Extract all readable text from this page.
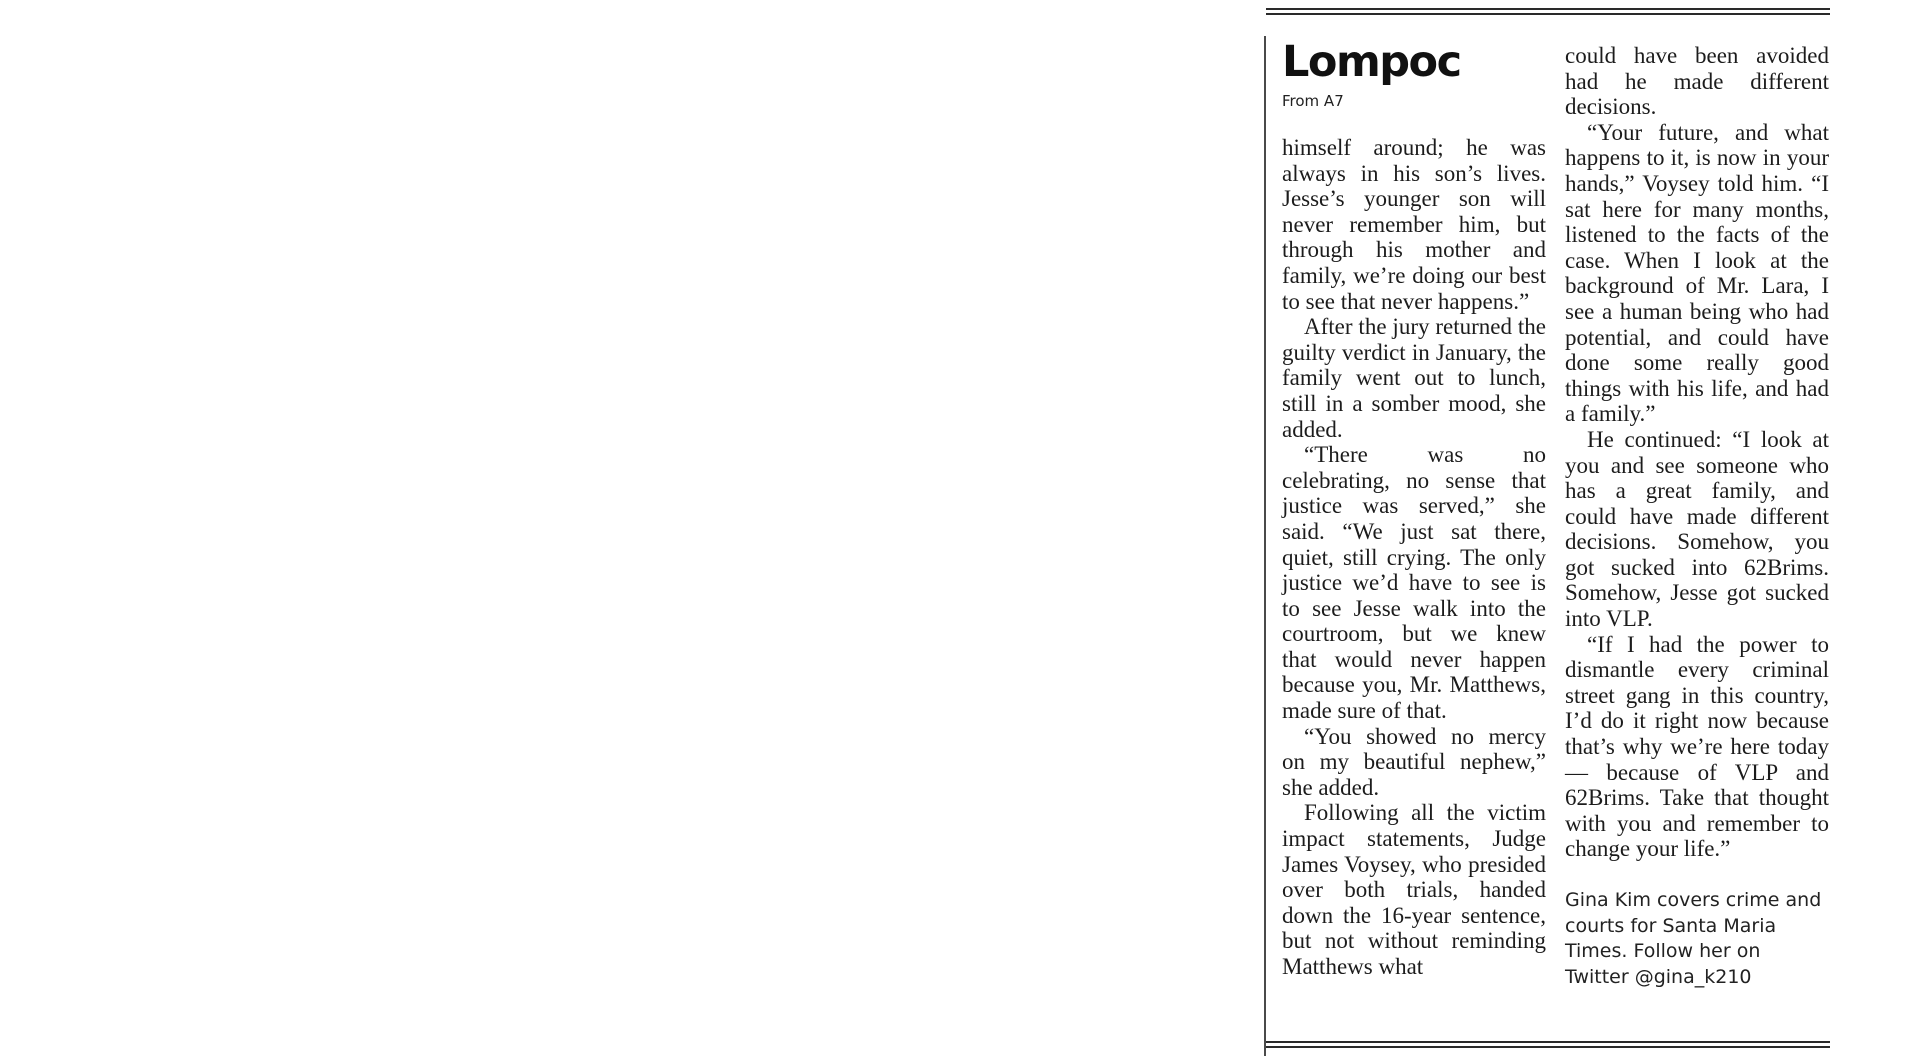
Lompoc
From A7

himself around; he was always in his son’s lives. Jesse’s younger son will never remember him, but through his mother and family, we’re doing our best to see that never happens.”

After the jury returned the guilty verdict in January, the family went out to lunch, still in a somber mood, she added.

“There was no celebrating, no sense that justice was served,” she said. “We just sat there, quiet, still crying. The only justice we’d have to see is to see Jesse walk into the courtroom, but we knew that would never happen because you, Mr. Matthews, made sure of that.

“You showed no mercy on my beautiful nephew,” she added.

Following all the victim impact statements, Judge James Voysey, who presided over both trials, handed down the 16-year sentence, but not without reminding Matthews what

could have been avoided had he made different decisions.

“Your future, and what happens to it, is now in your hands,” Voysey told him. “I sat here for many months, listened to the facts of the case. When I look at the background of Mr. Lara, I see a human being who had potential, and could have done some really good things with his life, and had a family.”

He continued: “I look at you and see someone who has a great family, and could have made different decisions. Somehow, you got sucked into 62Brims. Somehow, Jesse got sucked into VLP.

“If I had the power to dismantle every criminal street gang in this country, I’d do it right now because that’s why we’re here today — because of VLP and 62Brims. Take that thought with you and remember to change your life.”

Gina Kim covers crime and courts for Santa Maria Times. Follow her on Twitter @gina_k210
